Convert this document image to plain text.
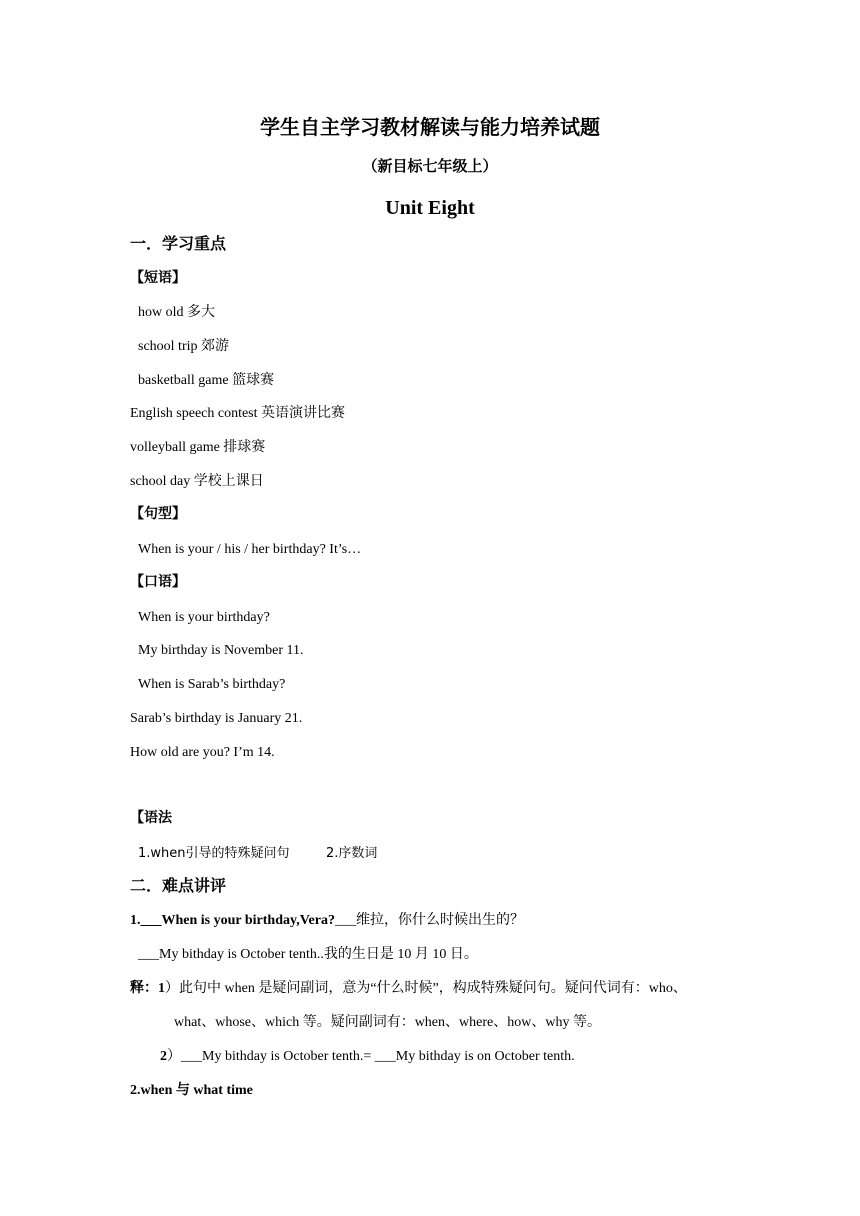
学生自主学习教材解读与能力培养试题
（新目标七年级上）
Unit Eight
一．学习重点
【短语】
how old 多大
school trip 郊游
basketball game 篮球赛
English speech contest 英语演讲比赛
volleyball game 排球赛
school day 学校上课日
【句型】
When is your / his / her birthday? It’s…
【口语】
When is your birthday?
My birthday is November 11.
When is Sarab’s birthday?
Sarab’s birthday is January 21.
How old are you? I’m 14.
【语法
1.when引导的特殊疑问句	2.序数词
二．难点讲评
1.___When is your birthday,Vera?___维拉，你什么时候出生的？
___My bithday is October tenth..我的生日是 10 月 10 日。
释：1）此句中 when 是疑问副词，意为“什么时候”，构成特殊疑问句。疑问代词有：who、
what、whose、which 等。疑问副词有：when、where、how、why 等。
2）___My bithday is October tenth.= ___My bithday is on October tenth.
2.when 与 what time
